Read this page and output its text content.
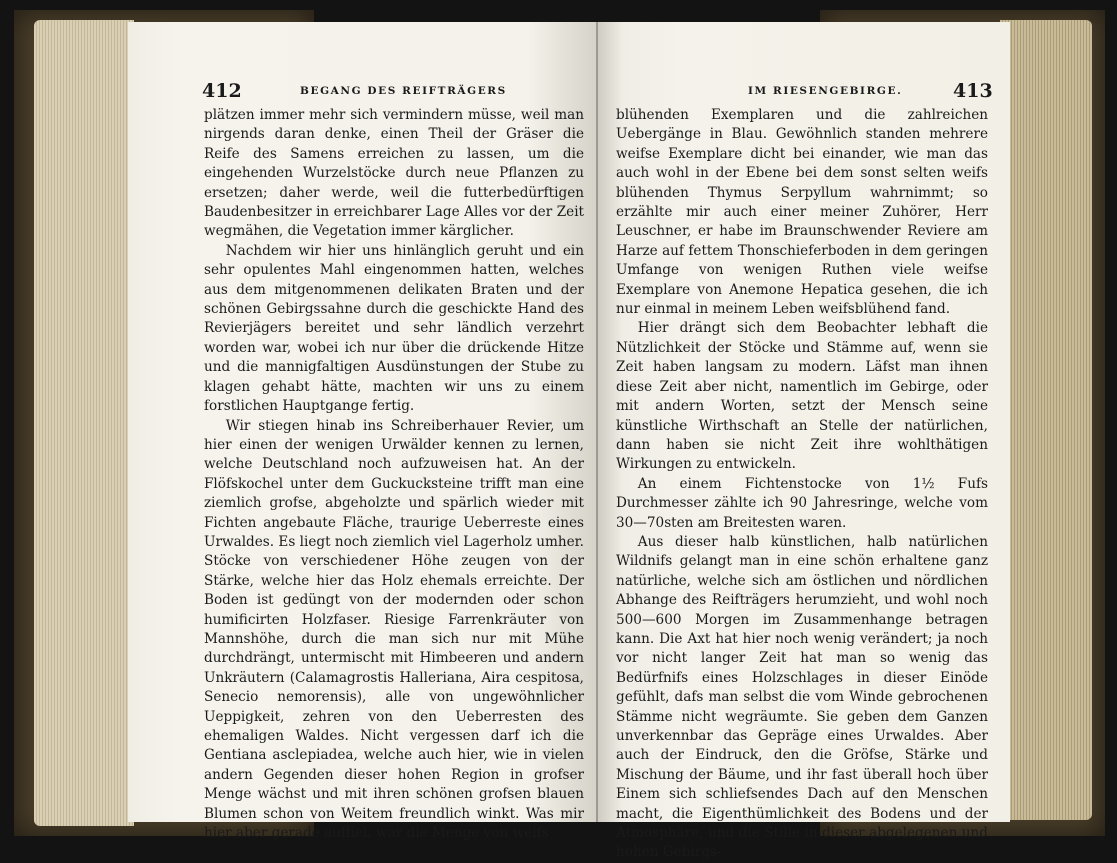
412	BEGANG DES REIFTRÄGERS

plätzen immer mehr sich vermindern müsse, weil man nirgends daran denke, einen Theil der Gräser die Reife des Samens erreichen zu lassen, um die eingehenden Wurzelstöcke durch neue Pflanzen zu ersetzen; daher werde, weil die futterbedürftigen Baudenbesitzer in erreichbarer Lage Alles vor der Zeit wegmähen, die Vegetation immer kärglicher.

Nachdem wir hier uns hinlänglich geruht und ein sehr opulentes Mahl eingenommen hatten, welches aus dem mitgenommenen delikaten Braten und der schönen Gebirgssahne durch die geschickte Hand des Revierjägers bereitet und sehr ländlich verzehrt worden war, wobei ich nur über die drückende Hitze und die mannigfaltigen Ausdünstungen der Stube zu klagen gehabt hätte, machten wir uns zu einem forstlichen Hauptgange fertig.

Wir stiegen hinab ins Schreiberhauer Revier, um hier einen der wenigen Urwälder kennen zu lernen, welche Deutschland noch aufzuweisen hat. An der Flöfskochel unter dem Guckucksteine trifft man eine ziemlich grofse, abgeholzte und spärlich wieder mit Fichten angebaute Fläche, traurige Ueberreste eines Urwaldes. Es liegt noch ziemlich viel Lagerholz umher. Stöcke von verschiedener Höhe zeugen von der Stärke, welche hier das Holz ehemals erreichte. Der Boden ist gedüngt von der modernden oder schon humificirten Holzfaser. Riesige Farrenkräuter von Mannshöhe, durch die man sich nur mit Mühe durchdrängt, untermischt mit Himbeeren und andern Unkräutern (Calamagrostis Halleriana, Aira cespitosa, Senecio nemorensis), alle von ungewöhnlicher Ueppigkeit, zehren von den Ueberresten des ehemaligen Waldes. Nicht vergessen darf ich die Gentiana asclepiadea, welche auch hier, wie in vielen andern Gegenden dieser hohen Region in grofser Menge wächst und mit ihren schönen grofsen blauen Blumen schon von Weitem freundlich winkt. Was mir hier aber gerade auffiel, war die Menge von weifs

IM RIESENGEBIRGE.	413

blühenden Exemplaren und die zahlreichen Uebergänge in Blau. Gewöhnlich standen mehrere weifse Exemplare dicht bei einander, wie man das auch wohl in der Ebene bei dem sonst selten weifs blühenden Thymus Serpyllum wahrnimmt; so erzählte mir auch einer meiner Zuhörer, Herr Leuschner, er habe im Braunschwender Reviere am Harze auf fettem Thonschieferboden in dem geringen Umfange von wenigen Ruthen viele weifse Exemplare von Anemone Hepatica gesehen, die ich nur einmal in meinem Leben weifsblühend fand.

Hier drängt sich dem Beobachter lebhaft die Nützlichkeit der Stöcke und Stämme auf, wenn sie Zeit haben langsam zu modern. Läfst man ihnen diese Zeit aber nicht, namentlich im Gebirge, oder mit andern Worten, setzt der Mensch seine künstliche Wirthschaft an Stelle der natürlichen, dann haben sie nicht Zeit ihre wohlthätigen Wirkungen zu entwickeln.

An einem Fichtenstocke von 1½ Fufs Durchmesser zählte ich 90 Jahresringe, welche vom 30—70sten am Breitesten waren.

Aus dieser halb künstlichen, halb natürlichen Wildnifs gelangt man in eine schön erhaltene ganz natürliche, welche sich am östlichen und nördlichen Abhange des Reifträgers herumzieht, und wohl noch 500—600 Morgen im Zusammenhange betragen kann. Die Axt hat hier noch wenig verändert; ja noch vor nicht langer Zeit hat man so wenig das Bedürfnifs eines Holzschlages in dieser Einöde gefühlt, dafs man selbst die vom Winde gebrochenen Stämme nicht wegräumte. Sie geben dem Ganzen unverkennbar das Gepräge eines Urwaldes. Aber auch der Eindruck, den die Gröfse, Stärke und Mischung der Bäume, und ihr fast überall hoch über Einem sich schliefsendes Dach auf den Menschen macht, die Eigenthümlichkeit des Bodens und der Atmosphäre, und die Stille in dieser abgelegenen und hohen Gebirgs-
